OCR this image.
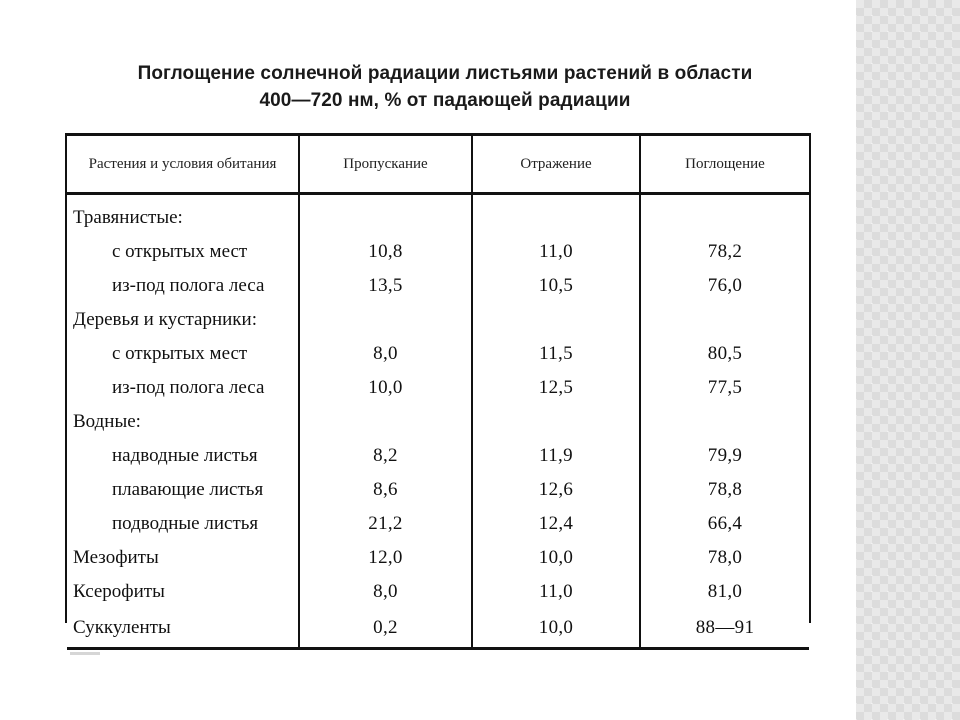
Поглощение солнечной радиации листьями растений в области
400—720 нм, % от падающей радиации
Растения и условия обитания	Пропускание	Отражение	Поглощение
Травянистые:			
с открытых мест	10,8	11,0	78,2
из-под полога леса	13,5	10,5	76,0
Деревья и кустарники:			
с открытых мест	8,0	11,5	80,5
из-под полога леса	10,0	12,5	77,5
Водные:			
надводные листья	8,2	11,9	79,9
плавающие листья	8,6	12,6	78,8
подводные листья	21,2	12,4	66,4
Мезофиты	12,0	10,0	78,0
Ксерофиты	8,0	11,0	81,0
Суккуленты	0,2	10,0	88—91
